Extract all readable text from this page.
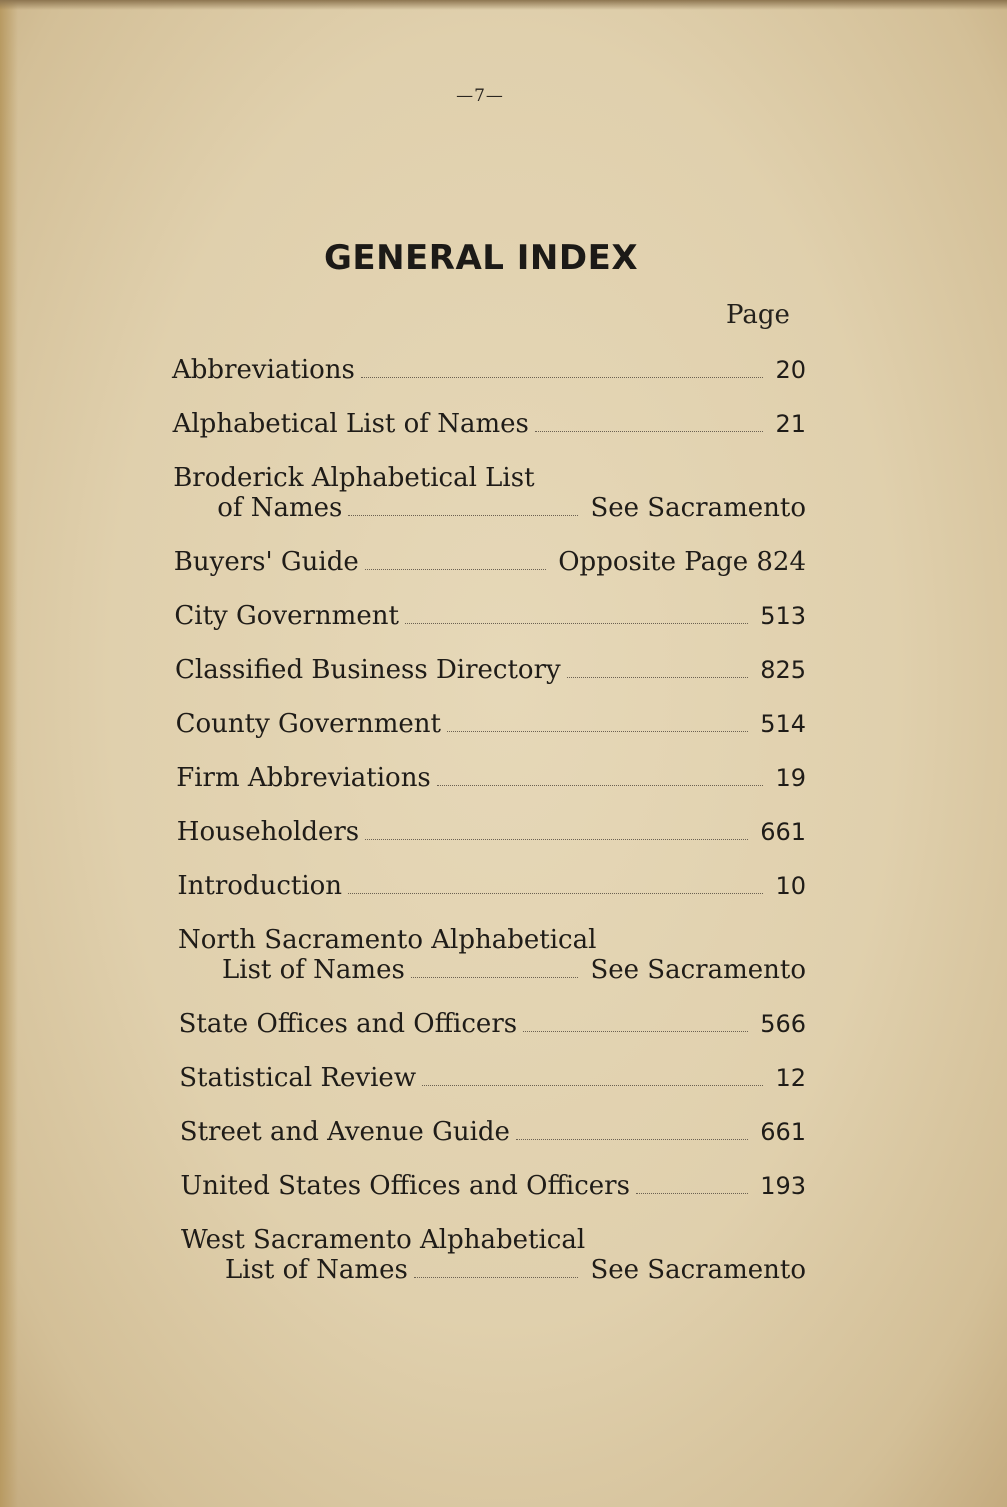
—7—
GENERAL INDEX
Page
Abbreviations	20
Alphabetical List of Names	21
Broderick Alphabetical List
of Names	See Sacramento
Buyers' Guide	Opposite Page 824
City Government	513
Classified Business Directory	825
County Government	514
Firm Abbreviations	19
Householders	661
Introduction	10
North Sacramento Alphabetical
List of Names	See Sacramento
State Offices and Officers	566
Statistical Review	12
Street and Avenue Guide	661
United States Offices and Officers	193
West Sacramento Alphabetical
List of Names	See Sacramento
